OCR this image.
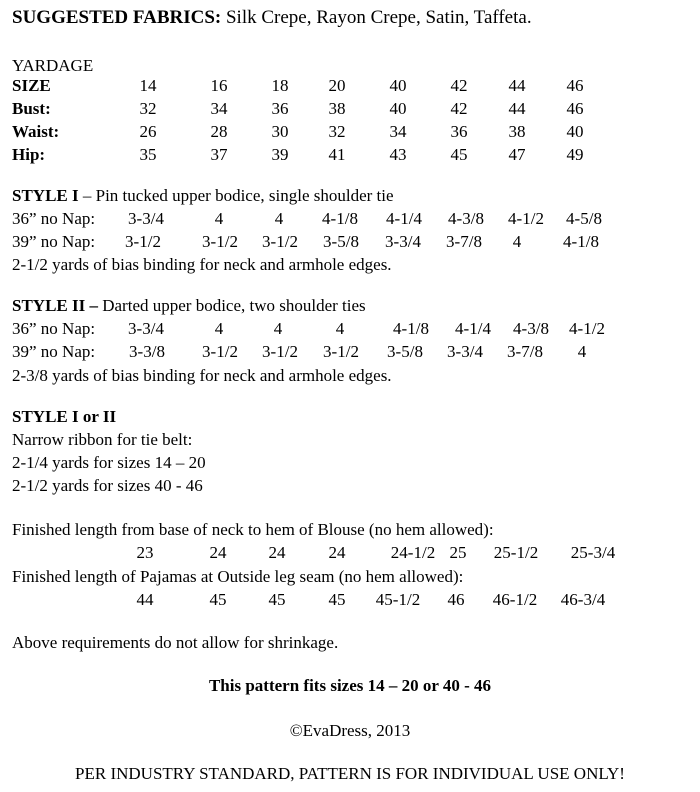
SUGGESTED FABRICS: Silk Crepe, Rayon Crepe, Satin, Taffeta.
YARDAGE
SIZE	14	16	18 20	40	42 44 46
Bust:	32	34	36 38	40	42 44 46
Waist:	26	28	30 32	34	36 38 40
Hip:	35	37	39 41	43	45 47 49
STYLE I – Pin tucked upper bodice, single shoulder tie
36” no Nap: 3-3/4	4	4 4-1/8 4-1/4 4-3/8 4-1/2 4-5/8
39” no Nap: 3-1/2 3-1/2 3-1/2 3-5/8 3-3/4 3-7/8 4 4-1/8
2-1/2 yards of bias binding for neck and armhole edges.
STYLE II – Darted upper bodice, two shoulder ties
36” no Nap: 3-3/4	4	4	4	4-1/8 4-1/4 4-3/8 4-1/2
39” no Nap: 3-3/8 3-1/2 3-1/2 3-1/2 3-5/8 3-3/4 3-7/8 4
2-3/8 yards of bias binding for neck and armhole edges.
STYLE I or II
Narrow ribbon for tie belt:
2-1/4 yards for sizes 14 – 20
2-1/2 yards for sizes 40 - 46
Finished length from base of neck to hem of Blouse (no hem allowed):
23	24 24	24	24-1/2 25 25-1/2 25-3/4
Finished length of Pajamas at Outside leg seam (no hem allowed):
44	45 45	45 45-1/2 46 46-1/2 46-3/4
Above requirements do not allow for shrinkage.
This pattern fits sizes 14 – 20 or 40 - 46
©EvaDress, 2013
PER INDUSTRY STANDARD, PATTERN IS FOR INDIVIDUAL USE ONLY!
